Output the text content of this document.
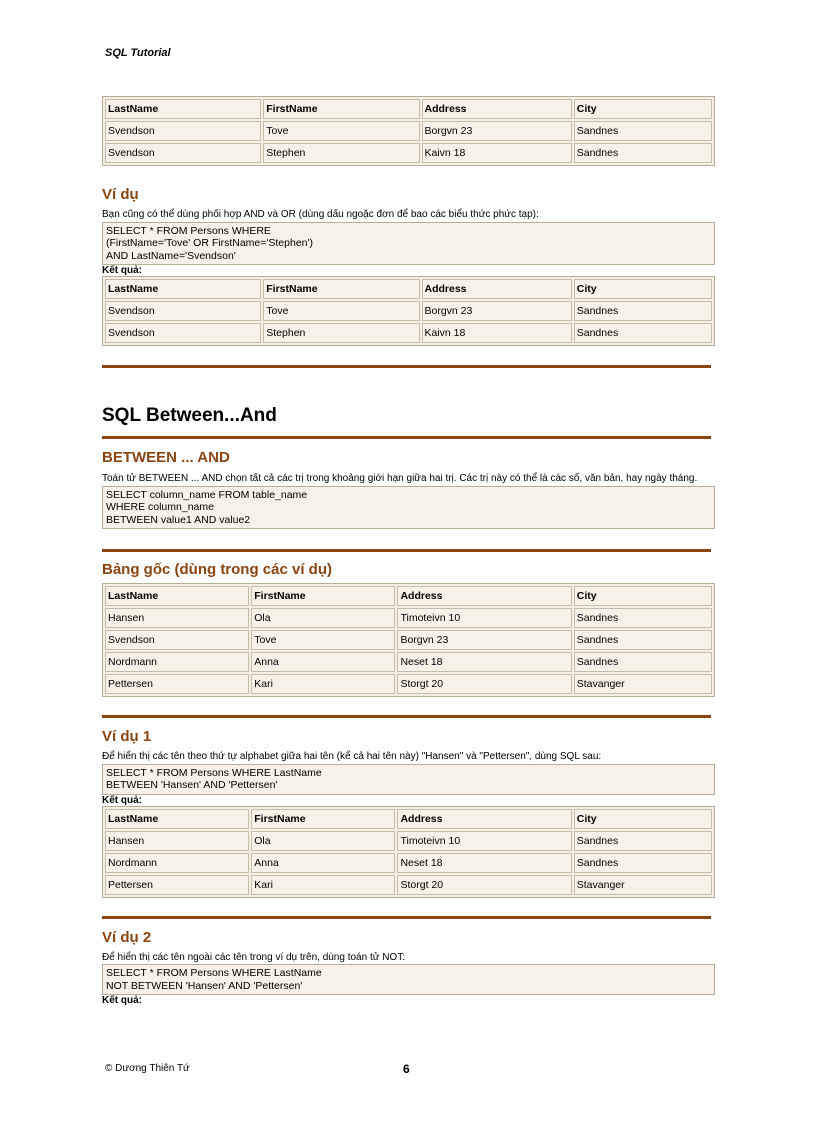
SQL Tutorial
LastName	FirstName	Address	City
Svendson	Tove	Borgvn 23	Sandnes
Svendson	Stephen	Kaivn 18	Sandnes
Ví dụ
Bạn cũng có thể dùng phối hợp AND và OR (dùng dấu ngoặc đơn để bao các biểu thức phức tạp):
SELECT * FROM Persons WHERE
(FirstName='Tove' OR FirstName='Stephen')
AND LastName='Svendson'
Kết quả:
LastName	FirstName	Address	City
Svendson	Tove	Borgvn 23	Sandnes
Svendson	Stephen	Kaivn 18	Sandnes
SQL Between...And
BETWEEN ... AND
Toán tử BETWEEN ... AND chọn tất cả các trị trong khoảng giới hạn giữa hai trị. Các trị này có thể là các số, văn bản, hay ngày tháng.
SELECT column_name FROM table_name
WHERE column_name
BETWEEN value1 AND value2
Bảng gốc (dùng trong các ví dụ)
LastName	FirstName	Address	City
Hansen	Ola	Timoteivn 10	Sandnes
Svendson	Tove	Borgvn 23	Sandnes
Nordmann	Anna	Neset 18	Sandnes
Pettersen	Kari	Storgt 20	Stavanger
Ví dụ 1
Để hiển thị các tên theo thứ tự alphabet giữa hai tên (kể cả hai tên này) "Hansen" và "Pettersen", dùng SQL sau:
SELECT * FROM Persons WHERE LastName
BETWEEN 'Hansen' AND 'Pettersen'
Kết quả:
LastName	FirstName	Address	City
Hansen	Ola	Timoteivn 10	Sandnes
Nordmann	Anna	Neset 18	Sandnes
Pettersen	Kari	Storgt 20	Stavanger
Ví dụ 2
Để hiển thị các tên ngoài các tên trong ví dụ trên, dùng toán tử NOT:
SELECT * FROM Persons WHERE LastName
NOT BETWEEN 'Hansen' AND 'Pettersen'
Kết quả:
© Dương Thiên Tứ	6
